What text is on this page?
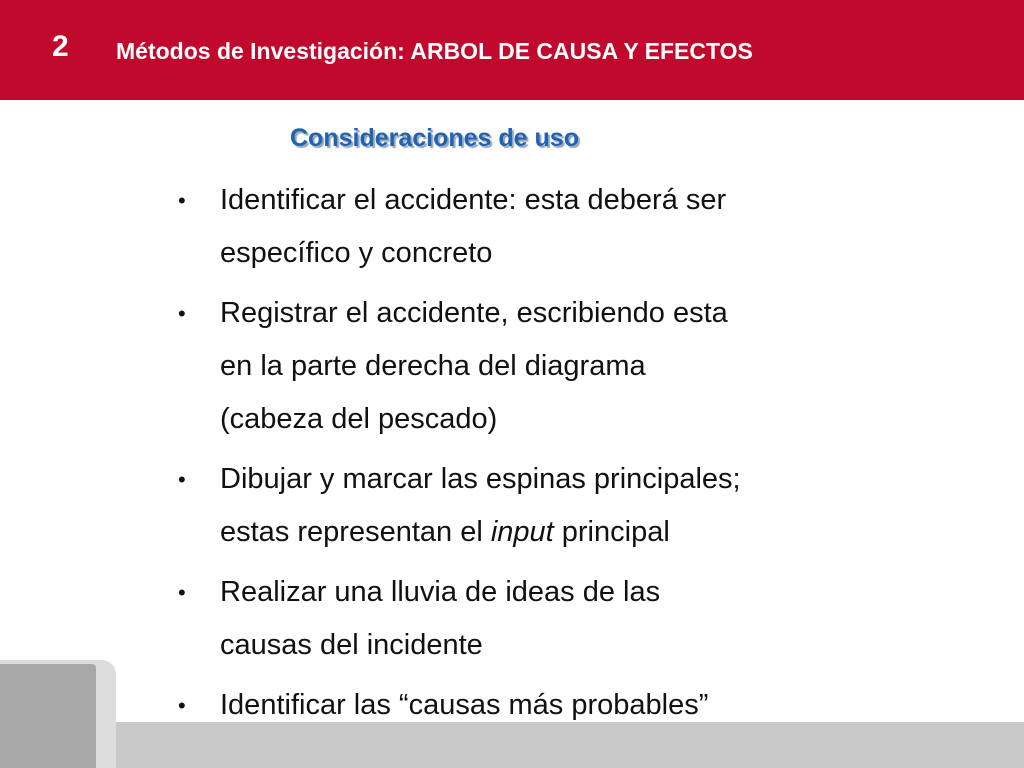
2 Métodos de Investigación: ARBOL DE CAUSA Y EFECTOS
Consideraciones de uso
• Identificar el accidente: esta deberá ser
específico y concreto
• Registrar el accidente, escribiendo esta
en la parte derecha del diagrama
(cabeza del pescado)
• Dibujar y marcar las espinas principales;
estas representan el input principal
• Realizar una lluvia de ideas de las
causas del incidente
• Identificar las “causas más probables”
